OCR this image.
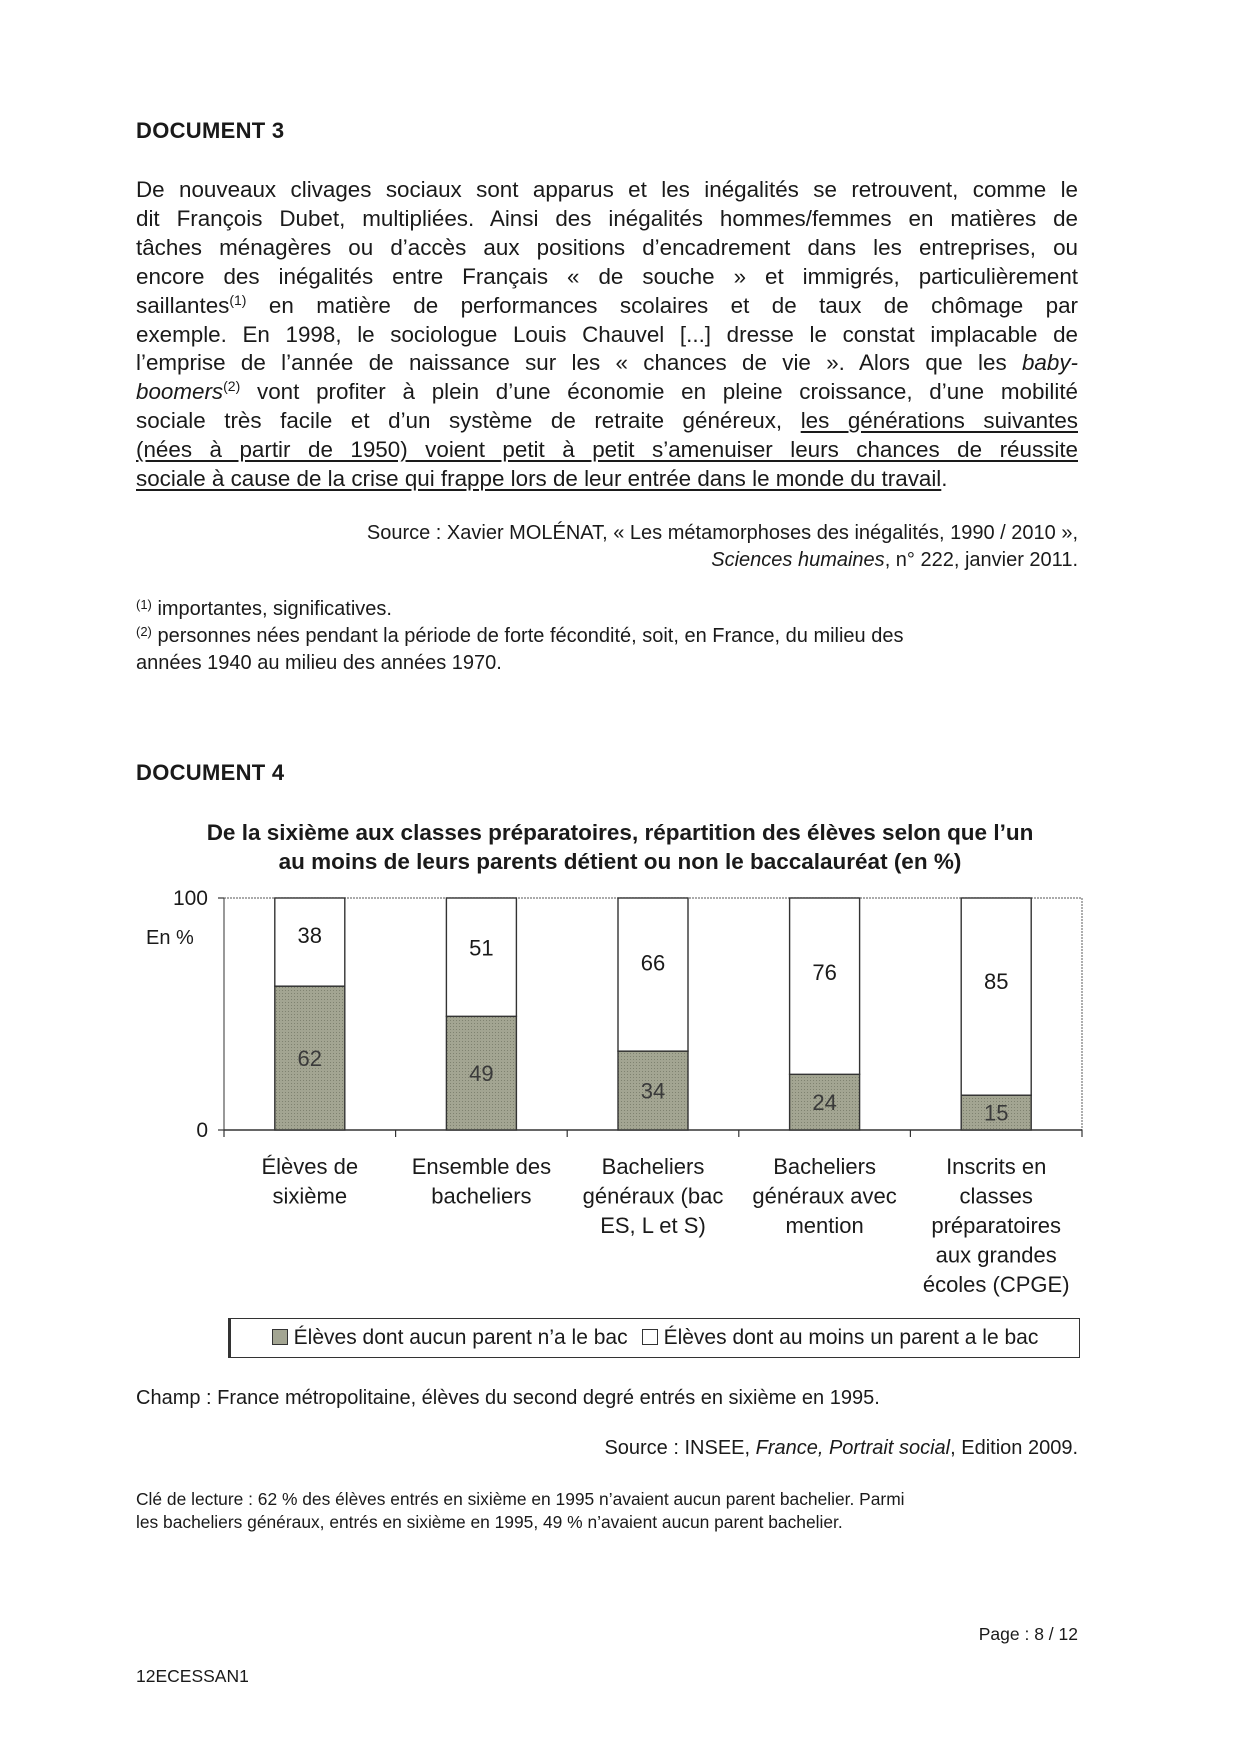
DOCUMENT 3
De nouveaux clivages sociaux sont apparus et les inégalités se retrouvent, comme le
dit François Dubet, multipliées. Ainsi des inégalités hommes/femmes en matières de
tâches ménagères ou d’accès aux positions d’encadrement dans les entreprises, ou
encore des inégalités entre Français « de souche » et immigrés, particulièrement
saillantes$^{(1)}$ en matière de performances scolaires et de taux de chômage par
exemple. En 1998, le sociologue Louis Chauvel [...] dresse le constat implacable de
l’emprise de l’année de naissance sur les « chances de vie ». Alors que les baby-
boomers$^{(2)}$ vont profiter à plein d’une économie en pleine croissance, d’une mobilité
sociale très facile et d’un système de retraite généreux, les générations suivantes
(nées à partir de 1950) voient petit à petit s’amenuiser leurs chances de réussite
sociale à cause de la crise qui frappe lors de leur entrée dans le monde du travail.
Source : Xavier MOLÉNAT, « Les métamorphoses des inégalités, 1990 / 2010 »,
Sciences humaines, n° 222, janvier 2011.
$^{(1)}$ importantes, significatives.
$^{(2)}$ personnes nées pendant la période de forte fécondité, soit, en France, du milieu des
années 1940 au milieu des années 1970.
DOCUMENT 4
De la sixième aux classes préparatoires, répartition des élèves selon que l’un
au moins de leurs parents détient ou non le baccalauréat (en %)
100
0
En %
62
38
Élèves de
sixième
49
51
Ensemble des
bacheliers
34
66
Bacheliers
généraux (bac
ES, L et S)
24
76
Bacheliers
généraux avec
mention
15
85
Inscrits en
classes
préparatoires
aux grandes
écoles (CPGE)
Élèves dont aucun parent n’a le bac	Élèves dont au moins un parent a le bac
Champ : France métropolitaine, élèves du second degré entrés en sixième en 1995.
Source : INSEE, France, Portrait social, Edition 2009.
Clé de lecture : 62 % des élèves entrés en sixième en 1995 n’avaient aucun parent bachelier. Parmi
les bacheliers généraux, entrés en sixième en 1995, 49 % n’avaient aucun parent bachelier.
Page : 8 / 12
12ECESSAN1
